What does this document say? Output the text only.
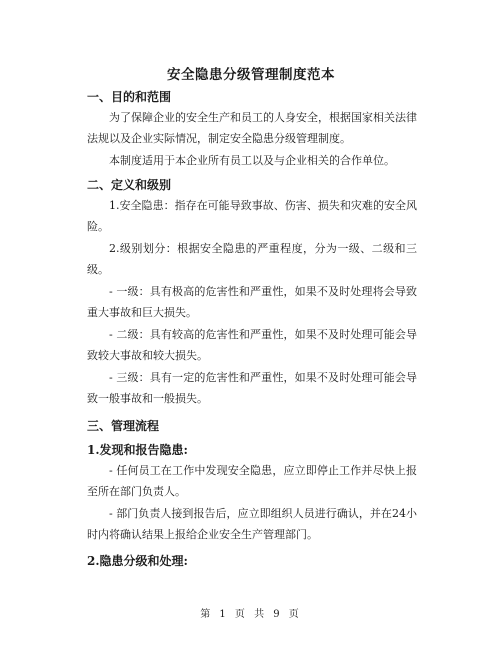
安全隐患分级管理制度范本
一、目的和范围

为了保障企业的安全生产和员工的人身安全，根据国家相关法律法规以及企业实际情况，制定安全隐患分级管理制度。

本制度适用于本企业所有员工以及与企业相关的合作单位。

二、定义和级别

1.安全隐患：指存在可能导致事故、伤害、损失和灾难的安全风险。

2.级别划分：根据安全隐患的严重程度，分为一级、二级和三级。

- 一级：具有极高的危害性和严重性，如果不及时处理将会导致重大事故和巨大损失。

- 二级：具有较高的危害性和严重性，如果不及时处理可能会导致较大事故和较大损失。

- 三级：具有一定的危害性和严重性，如果不及时处理可能会导致一般事故和一般损失。

三、管理流程
1.发现和报告隐患:

- 任何员工在工作中发现安全隐患，应立即停止工作并尽快上报至所在部门负责人。

- 部门负责人接到报告后，应立即组织人员进行确认，并在24小时内将确认结果上报给企业安全生产管理部门。

2.隐患分级和处理:
第 1 页 共 9 页
